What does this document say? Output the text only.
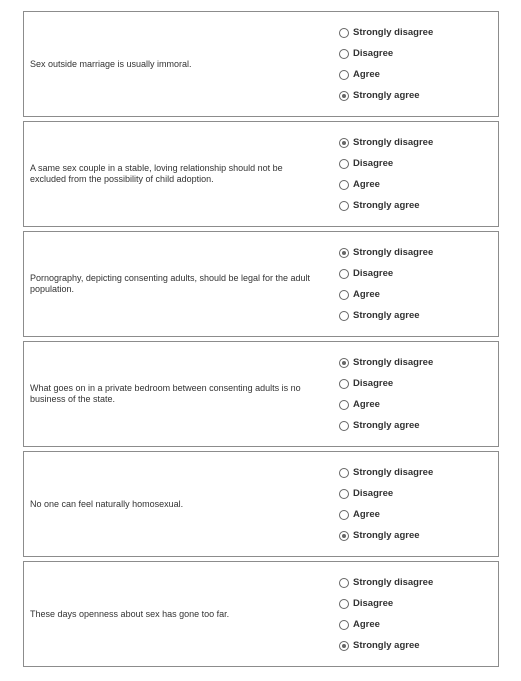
Sex outside marriage is usually immoral.
Strongly disagree
Disagree
Agree
Strongly agree
A same sex couple in a stable, loving relationship should not be excluded from the possibility of child adoption.
Strongly disagree
Disagree
Agree
Strongly agree
Pornography, depicting consenting adults, should be legal for the adult population.
Strongly disagree
Disagree
Agree
Strongly agree
What goes on in a private bedroom between consenting adults is no business of the state.
Strongly disagree
Disagree
Agree
Strongly agree
No one can feel naturally homosexual.
Strongly disagree
Disagree
Agree
Strongly agree
These days openness about sex has gone too far.
Strongly disagree
Disagree
Agree
Strongly agree
